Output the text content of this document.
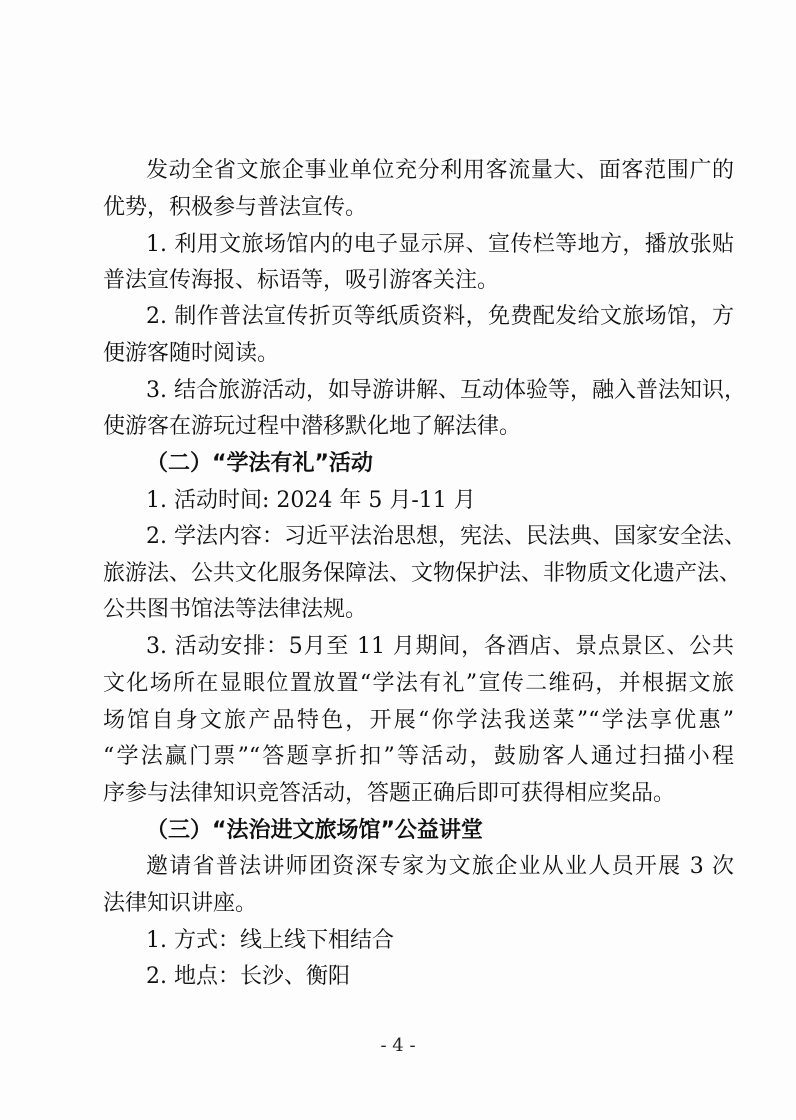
发动全省文旅企事业单位充分利用客流量大、面客范围广的
优势，积极参与普法宣传。
1. 利用文旅场馆内的电子显示屏、宣传栏等地方，播放张贴
普法宣传海报、标语等，吸引游客关注。
2. 制作普法宣传折页等纸质资料，免费配发给文旅场馆，方
便游客随时阅读。
3. 结合旅游活动，如导游讲解、互动体验等，融入普法知识，
使游客在游玩过程中潜移默化地了解法律。
（二）“学法有礼”活动
1. 活动时间: 2024 年 5 月-11 月
2. 学法内容：习近平法治思想，宪法、民法典、国家安全法、
旅游法、公共文化服务保障法、文物保护法、非物质文化遗产法、
公共图书馆法等法律法规。
3. 活动安排：5月至 11 月期间，各酒店、景点景区、公共
文化场所在显眼位置放置“学法有礼”宣传二维码，并根据文旅
场馆自身文旅产品特色，开展“你学法我送菜”“学法享优惠”
“学法赢门票”“答题享折扣”等活动，鼓励客人通过扫描小程
序参与法律知识竞答活动，答题正确后即可获得相应奖品。
（三）“法治进文旅场馆”公益讲堂
邀请省普法讲师团资深专家为文旅企业从业人员开展 3 次
法律知识讲座。
1. 方式：线上线下相结合
2. 地点：长沙、衡阳
- 4 -
